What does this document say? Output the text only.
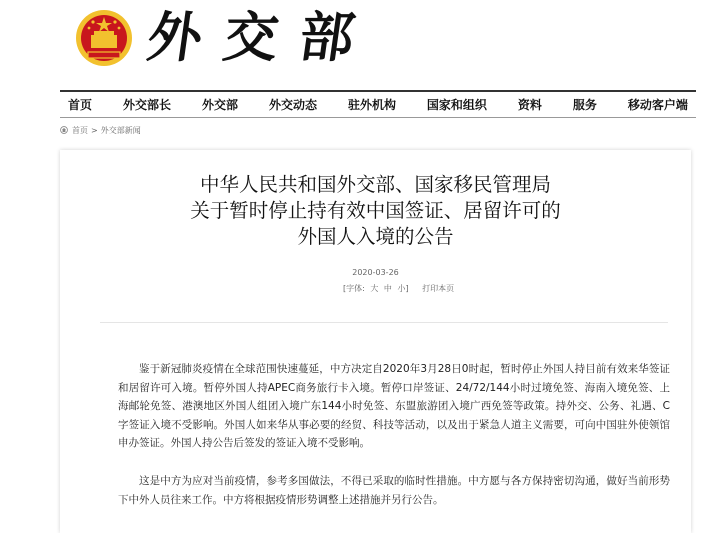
外交部
首页	外交部长	外交部	外交动态	驻外机构	国家和组织	资料	服务	移动客户端
首页 > 外交部新闻
中华人民共和国外交部、国家移民管理局
关于暂时停止持有效中国签证、居留许可的
外国人入境的公告
2020-03-26
[字体: 大 中 小] 打印本页

鉴于新冠肺炎疫情在全球范围快速蔓延，中方决定自2020年3月28日0时起，暂时停止外国人持目前有效来华签证和居留许可入境。暂停外国人持APEC商务旅行卡入境。暂停口岸签证、24/72/144小时过境免签、海南入境免签、上海邮轮免签、港澳地区外国人组团入境广东144小时免签、东盟旅游团入境广西免签等政策。持外交、公务、礼遇、C字签证入境不受影响。外国人如来华从事必要的经贸、科技等活动，以及出于紧急人道主义需要，可向中国驻外使领馆申办签证。外国人持公告后签发的签证入境不受影响。

这是中方为应对当前疫情，参考多国做法，不得已采取的临时性措施。中方愿与各方保持密切沟通，做好当前形势下中外人员往来工作。中方将根据疫情形势调整上述措施并另行公告。
